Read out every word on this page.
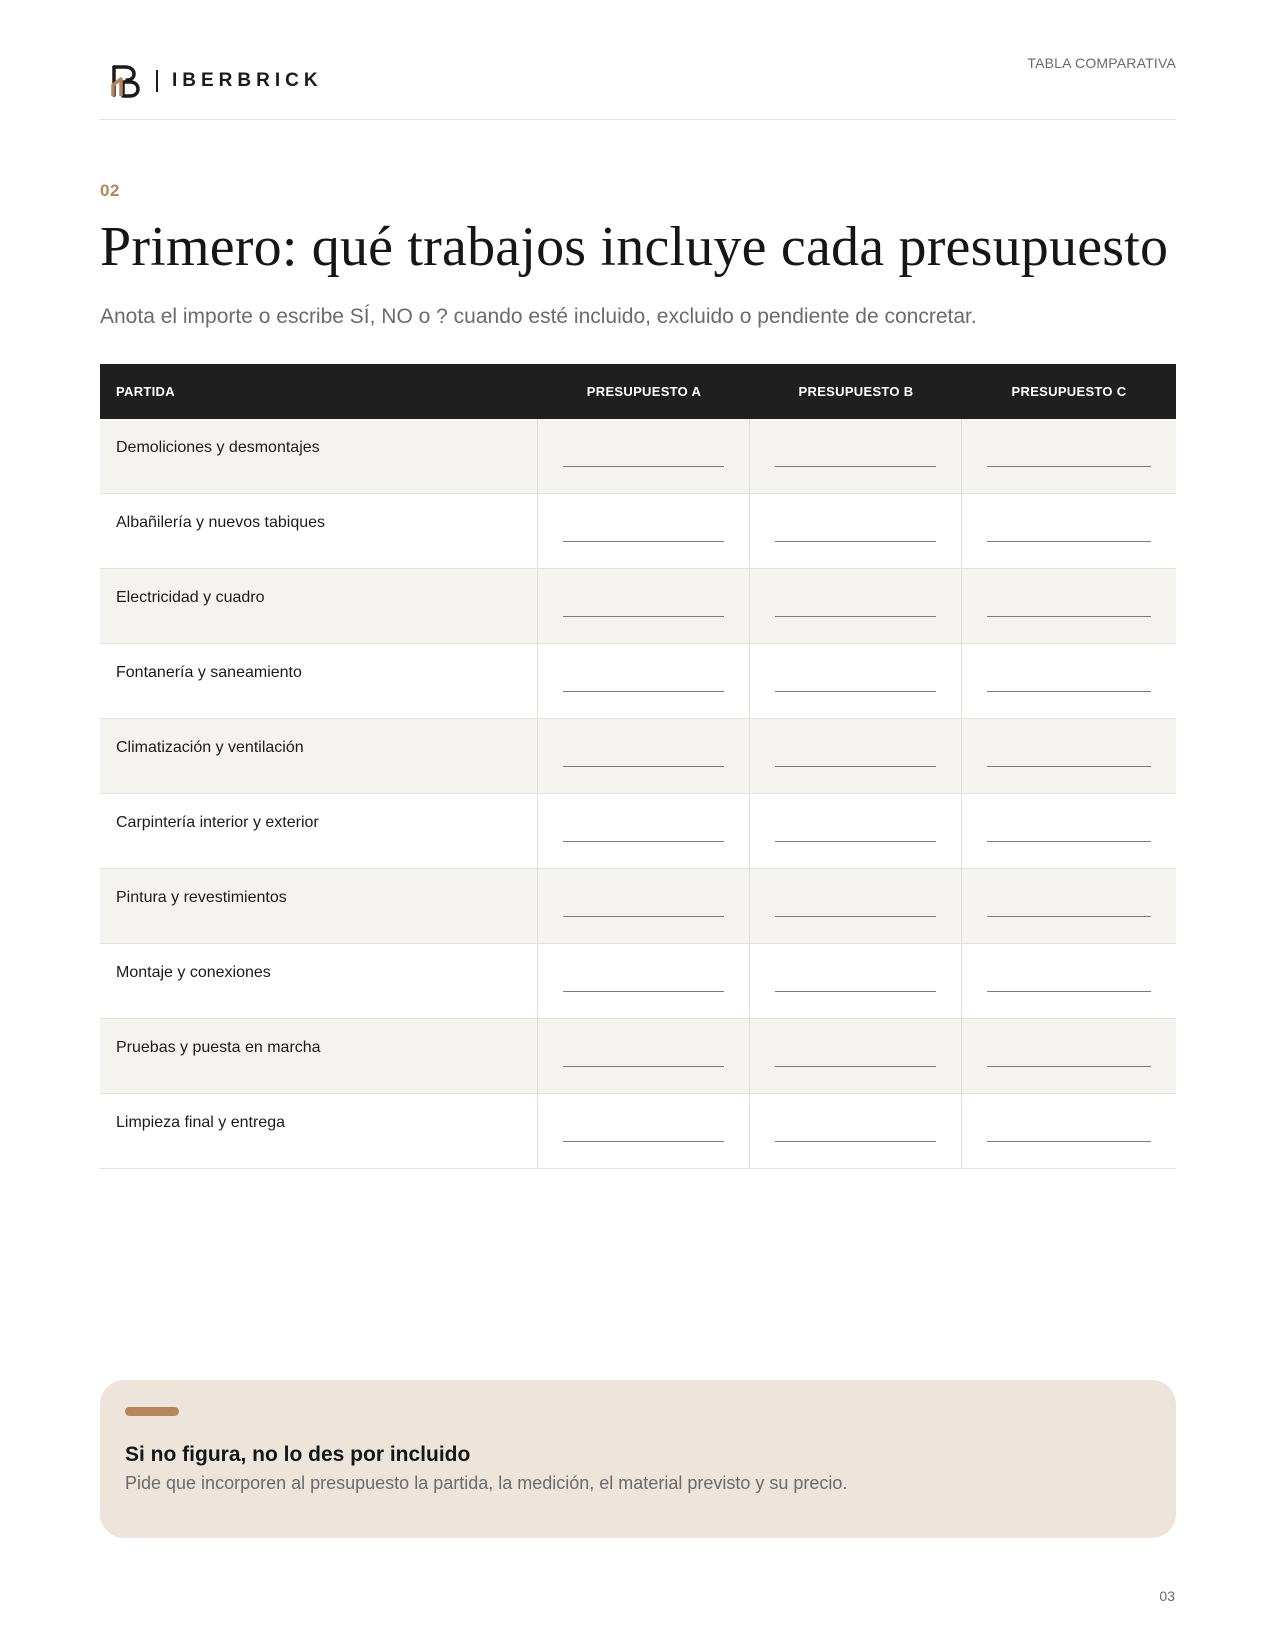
IBERBRICK
TABLA COMPARATIVA
02
Primero: qué trabajos incluye cada presupuesto

Anota el importe o escribe SÍ, NO o ? cuando esté incluido, excluido o pendiente de concretar.

PARTIDA	PRESUPUESTO A	PRESUPUESTO B	PRESUPUESTO C
Demoliciones y desmontajes
Albañilería y nuevos tabiques
Electricidad y cuadro
Fontanería y saneamiento
Climatización y ventilación
Carpintería interior y exterior
Pintura y revestimientos
Montaje y conexiones
Pruebas y puesta en marcha
Limpieza final y entrega
Si no figura, no lo des por incluido
Pide que incorporen al presupuesto la partida, la medición, el material previsto y su precio.
03
